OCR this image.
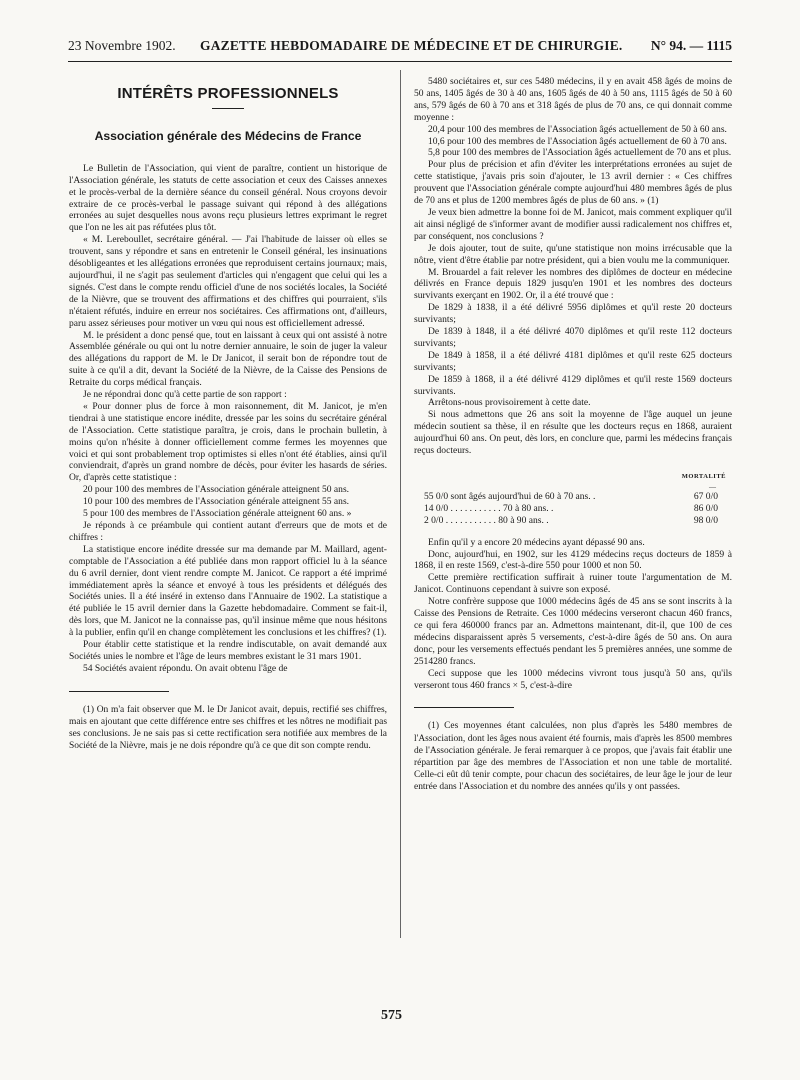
23 Novembre 1902. GAZETTE HEBDOMADAIRE DE MÉDECINE ET DE CHIRURGIE. N° 94. — 1115
INTÉRÊTS PROFESSIONNELS
Association générale des Médecins de France

Le Bulletin de l'Association, qui vient de paraître, contient un historique de l'Association générale, les statuts de cette association et ceux des Caisses annexes et le procès-verbal de la dernière séance du conseil général. Nous croyons devoir extraire de ce procès-verbal le passage suivant qui répond à des allégations erronées au sujet desquelles nous avons reçu plusieurs lettres exprimant le regret que l'on ne les ait pas réfutées plus tôt.

« M. Lereboullet, secrétaire général. — J'ai l'habitude de laisser où elles se trouvent, sans y répondre et sans en entretenir le Conseil général, les insinuations désobligeantes et les allégations erronées que reproduisent certains journaux; mais, aujourd'hui, il ne s'agit pas seulement d'articles qui n'engagent que celui qui les a signés. C'est dans le compte rendu officiel d'une de nos sociétés locales, la Société de la Nièvre, que se trouvent des affirmations et des chiffres qui pourraient, s'ils n'étaient réfutés, induire en erreur nos sociétaires. Ces affirmations ont, d'ailleurs, paru assez sérieuses pour motiver un vœu qui nous est officiellement adressé.

M. le président a donc pensé que, tout en laissant à ceux qui ont assisté à notre Assemblée générale ou qui ont lu notre dernier annuaire, le soin de juger la valeur des allégations du rapport de M. le Dr Janicot, il serait bon de répondre tout de suite à ce qu'il a dit, devant la Société de la Nièvre, de la Caisse des Pensions de Retraite du corps médical français.

Je ne répondrai donc qu'à cette partie de son rapport :

« Pour donner plus de force à mon raisonnement, dit M. Janicot, je m'en tiendrai à une statistique encore inédite, dressée par les soins du secrétaire général de l'Association. Cette statistique paraîtra, je crois, dans le prochain bulletin, à moins qu'on n'hésite à donner officiellement comme fermes les moyennes que voici et qui sont probablement trop optimistes si elles n'ont été établies, ainsi qu'il conviendrait, d'après un grand nombre de décès, pour éviter les hasards de séries. Or, d'après cette statistique :

20 pour 100 des membres de l'Association générale atteignent 50 ans.

10 pour 100 des membres de l'Association générale atteignent 55 ans.

5 pour 100 des membres de l'Association générale atteignent 60 ans. »

Je réponds à ce préambule qui contient autant d'erreurs que de mots et de chiffres :

La statistique encore inédite dressée sur ma demande par M. Maillard, agent-comptable de l'Association a été publiée dans mon rapport officiel lu à la séance du 6 avril dernier, dont vient rendre compte M. Janicot. Ce rapport a été imprimé immédiatement après la séance et envoyé à tous les présidents et délégués des Sociétés unies. Il a été inséré in extenso dans l'Annuaire de 1902. La statistique a été publiée le 15 avril dernier dans la Gazette hebdomadaire. Comment se fait-il, dès lors, que M. Janicot ne la connaisse pas, qu'il insinue même que nous hésitons à la publier, enfin qu'il en change complètement les conclusions et les chiffres? (1).

Pour établir cette statistique et la rendre indiscutable, on avait demandé aux Sociétés unies le nombre et l'âge de leurs membres existant le 31 mars 1901.

54 Sociétés avaient répondu. On avait obtenu l'âge de

(1) On m'a fait observer que M. le Dr Janicot avait, depuis, rectifié ses chiffres, mais en ajoutant que cette différence entre ses chiffres et les nôtres ne modifiait pas ses conclusions. Je ne sais pas si cette rectification sera notifiée aux membres de la Société de la Nièvre, mais je ne dois répondre qu'à ce que dit son compte rendu.

5480 sociétaires et, sur ces 5480 médecins, il y en avait 458 âgés de moins de 50 ans, 1405 âgés de 30 à 40 ans, 1605 âgés de 40 à 50 ans, 1115 âgés de 50 à 60 ans, 579 âgés de 60 à 70 ans et 318 âgés de plus de 70 ans, ce qui donnait comme moyenne :

20,4 pour 100 des membres de l'Association âgés actuellement de 50 à 60 ans.

10,6 pour 100 des membres de l'Association âgés actuellement de 60 à 70 ans.

5,8 pour 100 des membres de l'Association âgés actuellement de 70 ans et plus.

Pour plus de précision et afin d'éviter les interprétations erronées au sujet de cette statistique, j'avais pris soin d'ajouter, le 13 avril dernier : « Ces chiffres prouvent que l'Association générale compte aujourd'hui 480 membres âgés de plus de 70 ans et plus de 1200 membres âgés de plus de 60 ans. » (1)

Je veux bien admettre la bonne foi de M. Janicot, mais comment expliquer qu'il ait ainsi négligé de s'informer avant de modifier aussi radicalement nos chiffres et, par conséquent, nos conclusions ?

Je dois ajouter, tout de suite, qu'une statistique non moins irrécusable que la nôtre, vient d'être établie par notre président, qui a bien voulu me la communiquer.

M. Brouardel a fait relever les nombres des diplômes de docteur en médecine délivrés en France depuis 1829 jusqu'en 1901 et les nombres des docteurs survivants exerçant en 1902. Or, il a été trouvé que :

De 1829 à 1838, il a été délivré 5956 diplômes et qu'il reste 20 docteurs survivants;

De 1839 à 1848, il a été délivré 4070 diplômes et qu'il reste 112 docteurs survivants;

De 1849 à 1858, il a été délivré 4181 diplômes et qu'il reste 625 docteurs survivants;

De 1859 à 1868, il a été délivré 4129 diplômes et qu'il reste 1569 docteurs survivants.

Arrêtons-nous provisoirement à cette date.

Si nous admettons que 26 ans soit la moyenne de l'âge auquel un jeune médecin soutient sa thèse, il en résulte que les docteurs reçus en 1868, auraient aujourd'hui 60 ans. On peut, dès lors, en conclure que, parmi les médecins français reçus docteurs.

MORTALITÉ
—
55 0/0 sont âgés aujourd'hui de 60 à 70 ans. .	67 0/0
14 0/0 . . . . . . . . . . . 70 à 80 ans. .	86 0/0
2 0/0 . . . . . . . . . . . 80 à 90 ans. .	98 0/0

Enfin qu'il y a encore 20 médecins ayant dépassé 90 ans.

Donc, aujourd'hui, en 1902, sur les 4129 médecins reçus docteurs de 1859 à 1868, il en reste 1569, c'est-à-dire 550 pour 1000 et non 50.

Cette première rectification suffirait à ruiner toute l'argumentation de M. Janicot. Continuons cependant à suivre son exposé.

Notre confrère suppose que 1000 médecins âgés de 45 ans se sont inscrits à la Caisse des Pensions de Retraite. Ces 1000 médecins verseront chacun 460 francs, ce qui fera 460000 francs par an. Admettons maintenant, dit-il, que 100 de ces médecins disparaissent après 5 versements, c'est-à-dire âgés de 50 ans. On aura donc, pour les versements effectués pendant les 5 premières années, une somme de 2514280 francs.

Ceci suppose que les 1000 médecins vivront tous jusqu'à 50 ans, qu'ils verseront tous 460 francs × 5, c'est-à-dire

(1) Ces moyennes étant calculées, non plus d'après les 5480 membres de l'Association, dont les âges nous avaient été fournis, mais d'après les 8500 membres de l'Association générale. Je ferai remarquer à ce propos, que j'avais fait établir une répartition par âge des membres de l'Association et non une table de mortalité. Celle-ci eût dû tenir compte, pour chacun des sociétaires, de leur âge le jour de leur entrée dans l'Association et du nombre des années qu'ils y ont passées.

575
